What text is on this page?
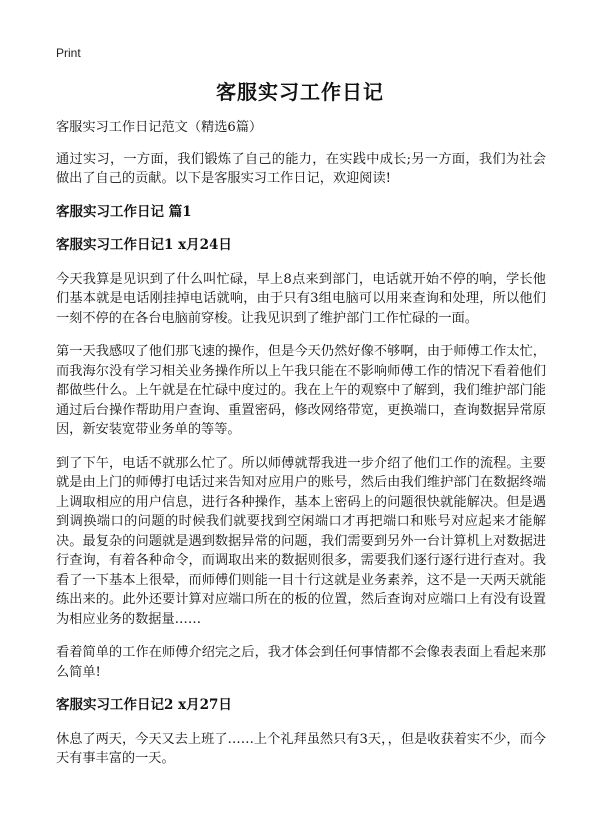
Print
客服实习工作日记

客服实习工作日记范文（精选6篇）

通过实习，一方面，我们锻炼了自己的能力，在实践中成长;另一方面，我们为社会做出了自己的贡献。以下是客服实习工作日记，欢迎阅读!

客服实习工作日记 篇1

客服实习工作日记1 x月24日

今天我算是见识到了什么叫忙碌，早上8点来到部门，电话就开始不停的响，学长他们基本就是电话刚挂掉电话就响，由于只有3组电脑可以用来查询和处理，所以他们一刻不停的在各台电脑前穿梭。让我见识到了维护部门工作忙碌的一面。

第一天我感叹了他们那飞速的操作，但是今天仍然好像不够啊，由于师傅工作太忙，而我海尔没有学习相关业务操作所以上午我只能在不影响师傅工作的情况下看着他们都做些什么。上午就是在忙碌中度过的。我在上午的观察中了解到，我们维护部门能通过后台操作帮助用户查询、重置密码，修改网络带宽，更换端口，查询数据异常原因，新安装宽带业务单的等等。

到了下午，电话不就那么忙了。所以师傅就帮我进一步介绍了他们工作的流程。主要就是由上门的师傅打电话过来告知对应用户的账号，然后由我们维护部门在数据终端上调取相应的用户信息，进行各种操作，基本上密码上的问题很快就能解决。但是遇到调换端口的问题的时候我们就要找到空闲端口才再把端口和账号对应起来才能解决。最复杂的问题就是遇到数据异常的问题，我们需要到另外一台计算机上对数据进行查询，有着各种命令，而调取出来的数据则很多，需要我们逐行逐行进行查对。我看了一下基本上很晕，而师傅们则能一目十行这就是业务素养，这不是一天两天就能练出来的。此外还要计算对应端口所在的板的位置，然后查询对应端口上有没有设置为相应业务的数据量……

看着简单的工作在师傅介绍完之后，我才体会到任何事情都不会像表表面上看起来那么简单!

客服实习工作日记2 x月27日

休息了两天，今天又去上班了……上个礼拜虽然只有3天，，但是收获着实不少，而今天有事丰富的一天。
